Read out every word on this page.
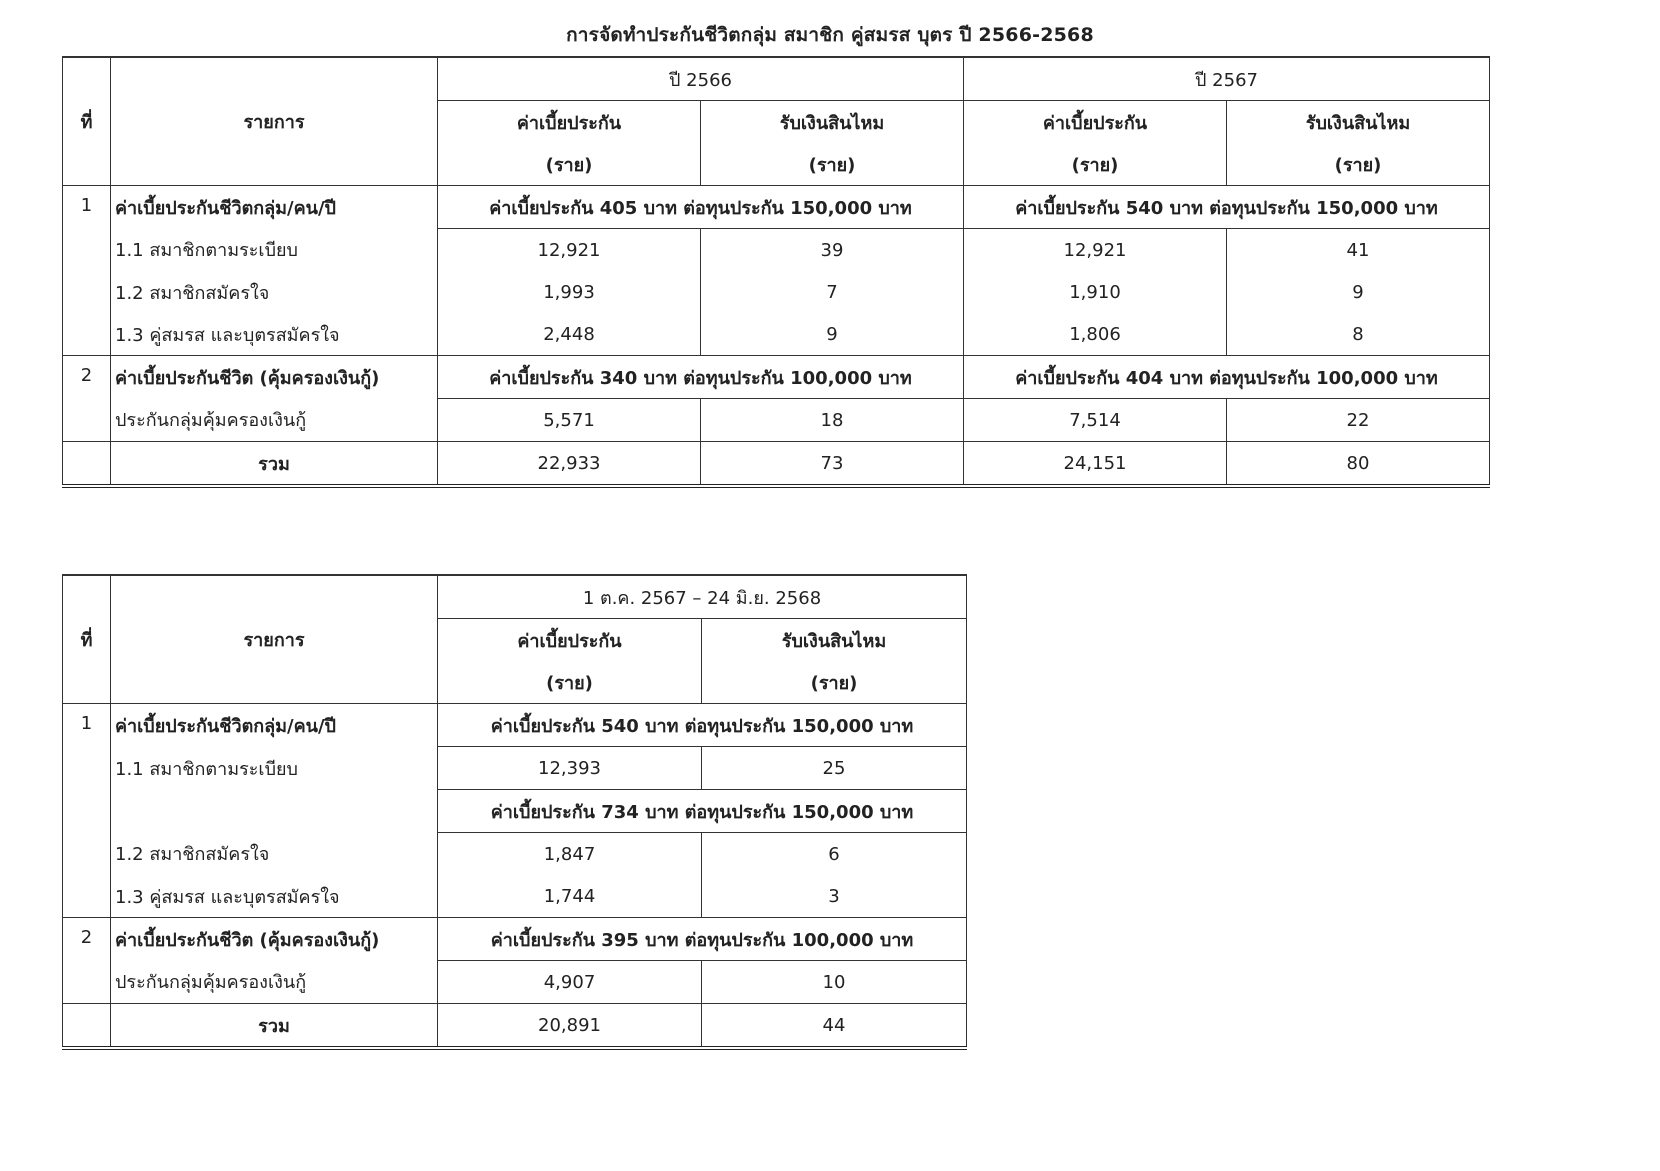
การจัดทำประกันชีวิตกลุ่ม สมาชิก คู่สมรส บุตร ปี 2566-2568
ที่	รายการ	ปี 2566		ปี 2567	
		ค่าเบี้ยประกัน	รับเงินสินไหม	ค่าเบี้ยประกัน	รับเงินสินไหม
		(ราย)	(ราย)	(ราย)	(ราย)
1	ค่าเบี้ยประกันชีวิตกลุ่ม/คน/ปี	ค่าเบี้ยประกัน 405 บาท ต่อทุนประกัน 150,000 บาท		ค่าเบี้ยประกัน 540 บาท ต่อทุนประกัน 150,000 บาท	
	1.1 สมาชิกตามระเบียบ	12,921	39	12,921	41
	1.2 สมาชิกสมัครใจ	1,993	7	1,910	9
	1.3 คู่สมรส และบุตรสมัครใจ	2,448	9	1,806	8
2	ค่าเบี้ยประกันชีวิต (คุ้มครองเงินกู้)	ค่าเบี้ยประกัน 340 บาท ต่อทุนประกัน 100,000 บาท		ค่าเบี้ยประกัน 404 บาท ต่อทุนประกัน 100,000 บาท	
	ประกันกลุ่มคุ้มครองเงินกู้	5,571	18	7,514	22
	รวม	22,933	73	24,151	80
ที่	รายการ	1 ต.ค. 2567 – 24 มิ.ย. 2568	
		ค่าเบี้ยประกัน	รับเงินสินไหม
		(ราย)	(ราย)
1	ค่าเบี้ยประกันชีวิตกลุ่ม/คน/ปี	ค่าเบี้ยประกัน 540 บาท ต่อทุนประกัน 150,000 บาท	
	1.1 สมาชิกตามระเบียบ	12,393	25
		ค่าเบี้ยประกัน 734 บาท ต่อทุนประกัน 150,000 บาท	
	1.2 สมาชิกสมัครใจ	1,847	6
	1.3 คู่สมรส และบุตรสมัครใจ	1,744	3
2	ค่าเบี้ยประกันชีวิต (คุ้มครองเงินกู้)	ค่าเบี้ยประกัน 395 บาท ต่อทุนประกัน 100,000 บาท	
	ประกันกลุ่มคุ้มครองเงินกู้	4,907	10
	รวม	20,891	44
